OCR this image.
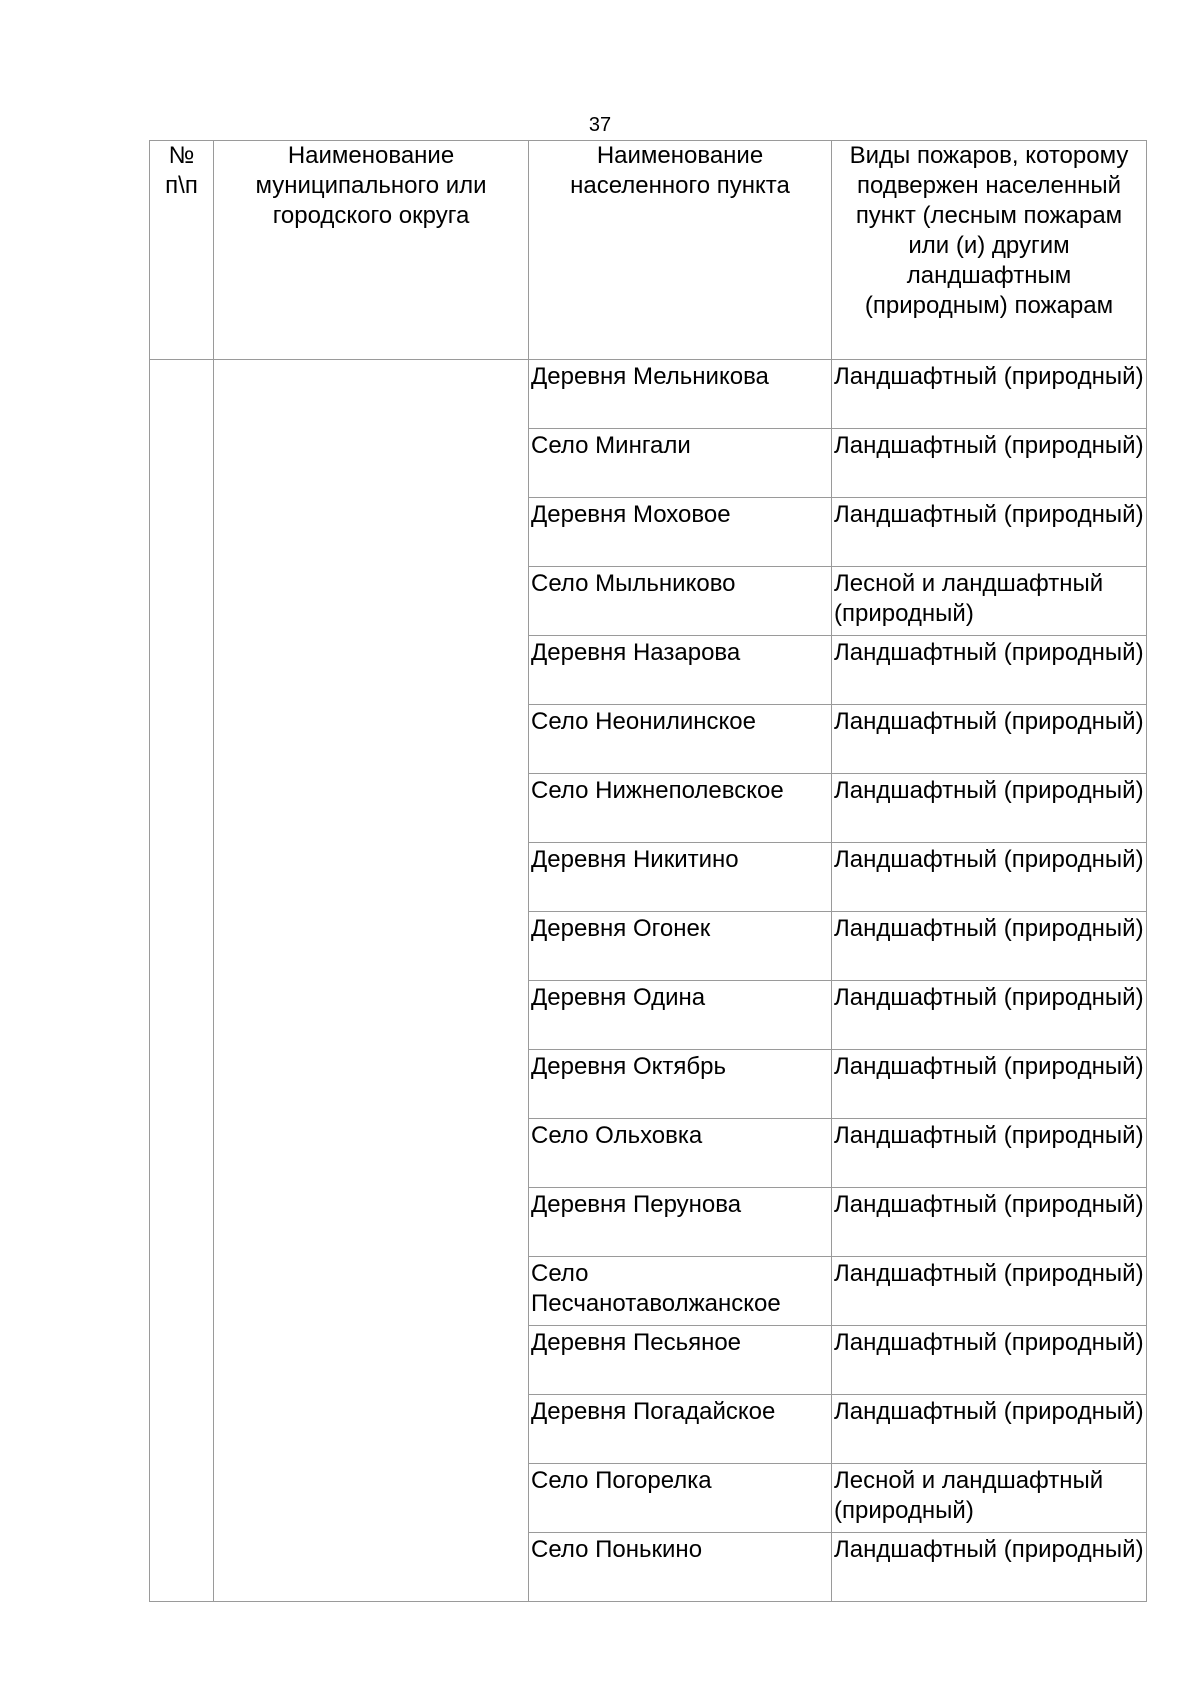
37
№ п\п	Наименование муниципального или городского округа	Наименование населенного пункта	Виды пожаров, которому подвержен населенный пункт (лесным пожарам или (и) другим ландшафтным (природным) пожарам

		Деревня Мельникова	Ландшафтный (природный)

		Село Мингали	Ландшафтный (природный)

		Деревня Моховое	Ландшафтный (природный)

		Село Мыльниково	Лесной и ландшафтный (природный)

		Деревня Назарова	Ландшафтный (природный)

		Село Неонилинское	Ландшафтный (природный)

		Село Нижнеполевское	Ландшафтный (природный)

		Деревня Никитино	Ландшафтный (природный)

		Деревня Огонек	Ландшафтный (природный)

		Деревня Одина	Ландшафтный (природный)

		Деревня Октябрь	Ландшафтный (природный)

		Село Ольховка	Ландшафтный (природный)

		Деревня Перунова	Ландшафтный (природный)

		Село Песчанотаволжанское	Ландшафтный (природный)

		Деревня Песьяное	Ландшафтный (природный)

		Деревня Погадайское	Ландшафтный (природный)

		Село Погорелка	Лесной и ландшафтный (природный)

		Село Понькино	Ландшафтный (природный)
